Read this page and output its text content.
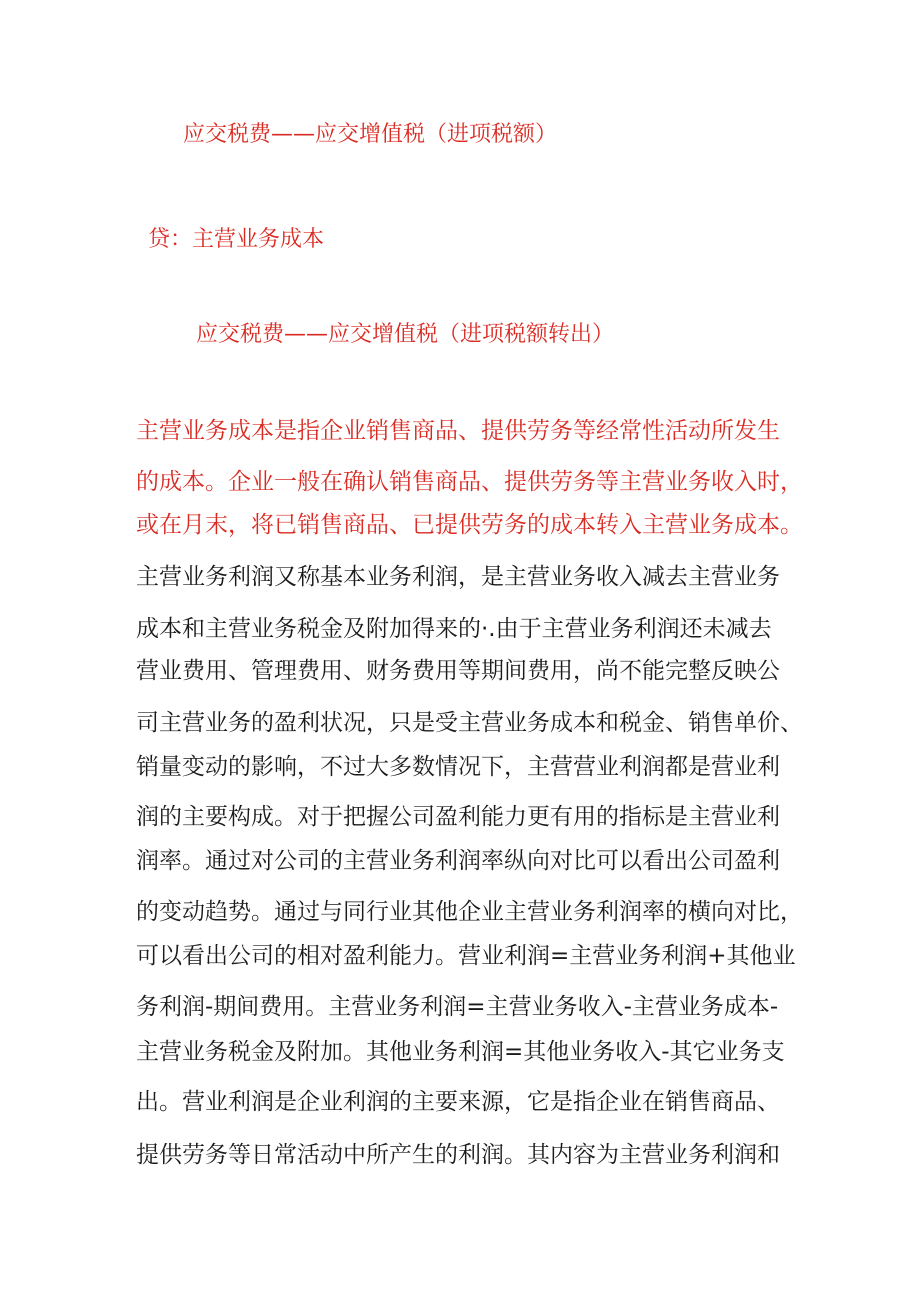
应交税费——应交增值税（进项税额）
贷：主营业务成本
应交税费——应交增值税（进项税额转出）
主营业务成本是指企业销售商品、提供劳务等经常性活动所发生
的成本。企业一般在确认销售商品、提供劳务等主营业务收入时，
或在月末，将已销售商品、已提供劳务的成本转入主营业务成本。
主营业务利润又称基本业务利润，是主营业务收入减去主营业务
成本和主营业务税金及附加得来的·.由于主营业务利润还未减去
营业费用、管理费用、财务费用等期间费用，尚不能完整反映公
司主营业务的盈利状况，只是受主营业务成本和税金、销售单价、
销量变动的影响，不过大多数情况下，主营营业利润都是营业利
润的主要构成。对于把握公司盈利能力更有用的指标是主营业利
润率。通过对公司的主营业务利润率纵向对比可以看出公司盈利
的变动趋势。通过与同行业其他企业主营业务利润率的横向对比，
可以看出公司的相对盈利能力。营业利润=主营业务利润+其他业
务利润-期间费用。主营业务利润=主营业务收入-主营业务成本-
主营业务税金及附加。其他业务利润=其他业务收入-其它业务支
出。营业利润是企业利润的主要来源，它是指企业在销售商品、
提供劳务等日常活动中所产生的利润。其内容为主营业务利润和
